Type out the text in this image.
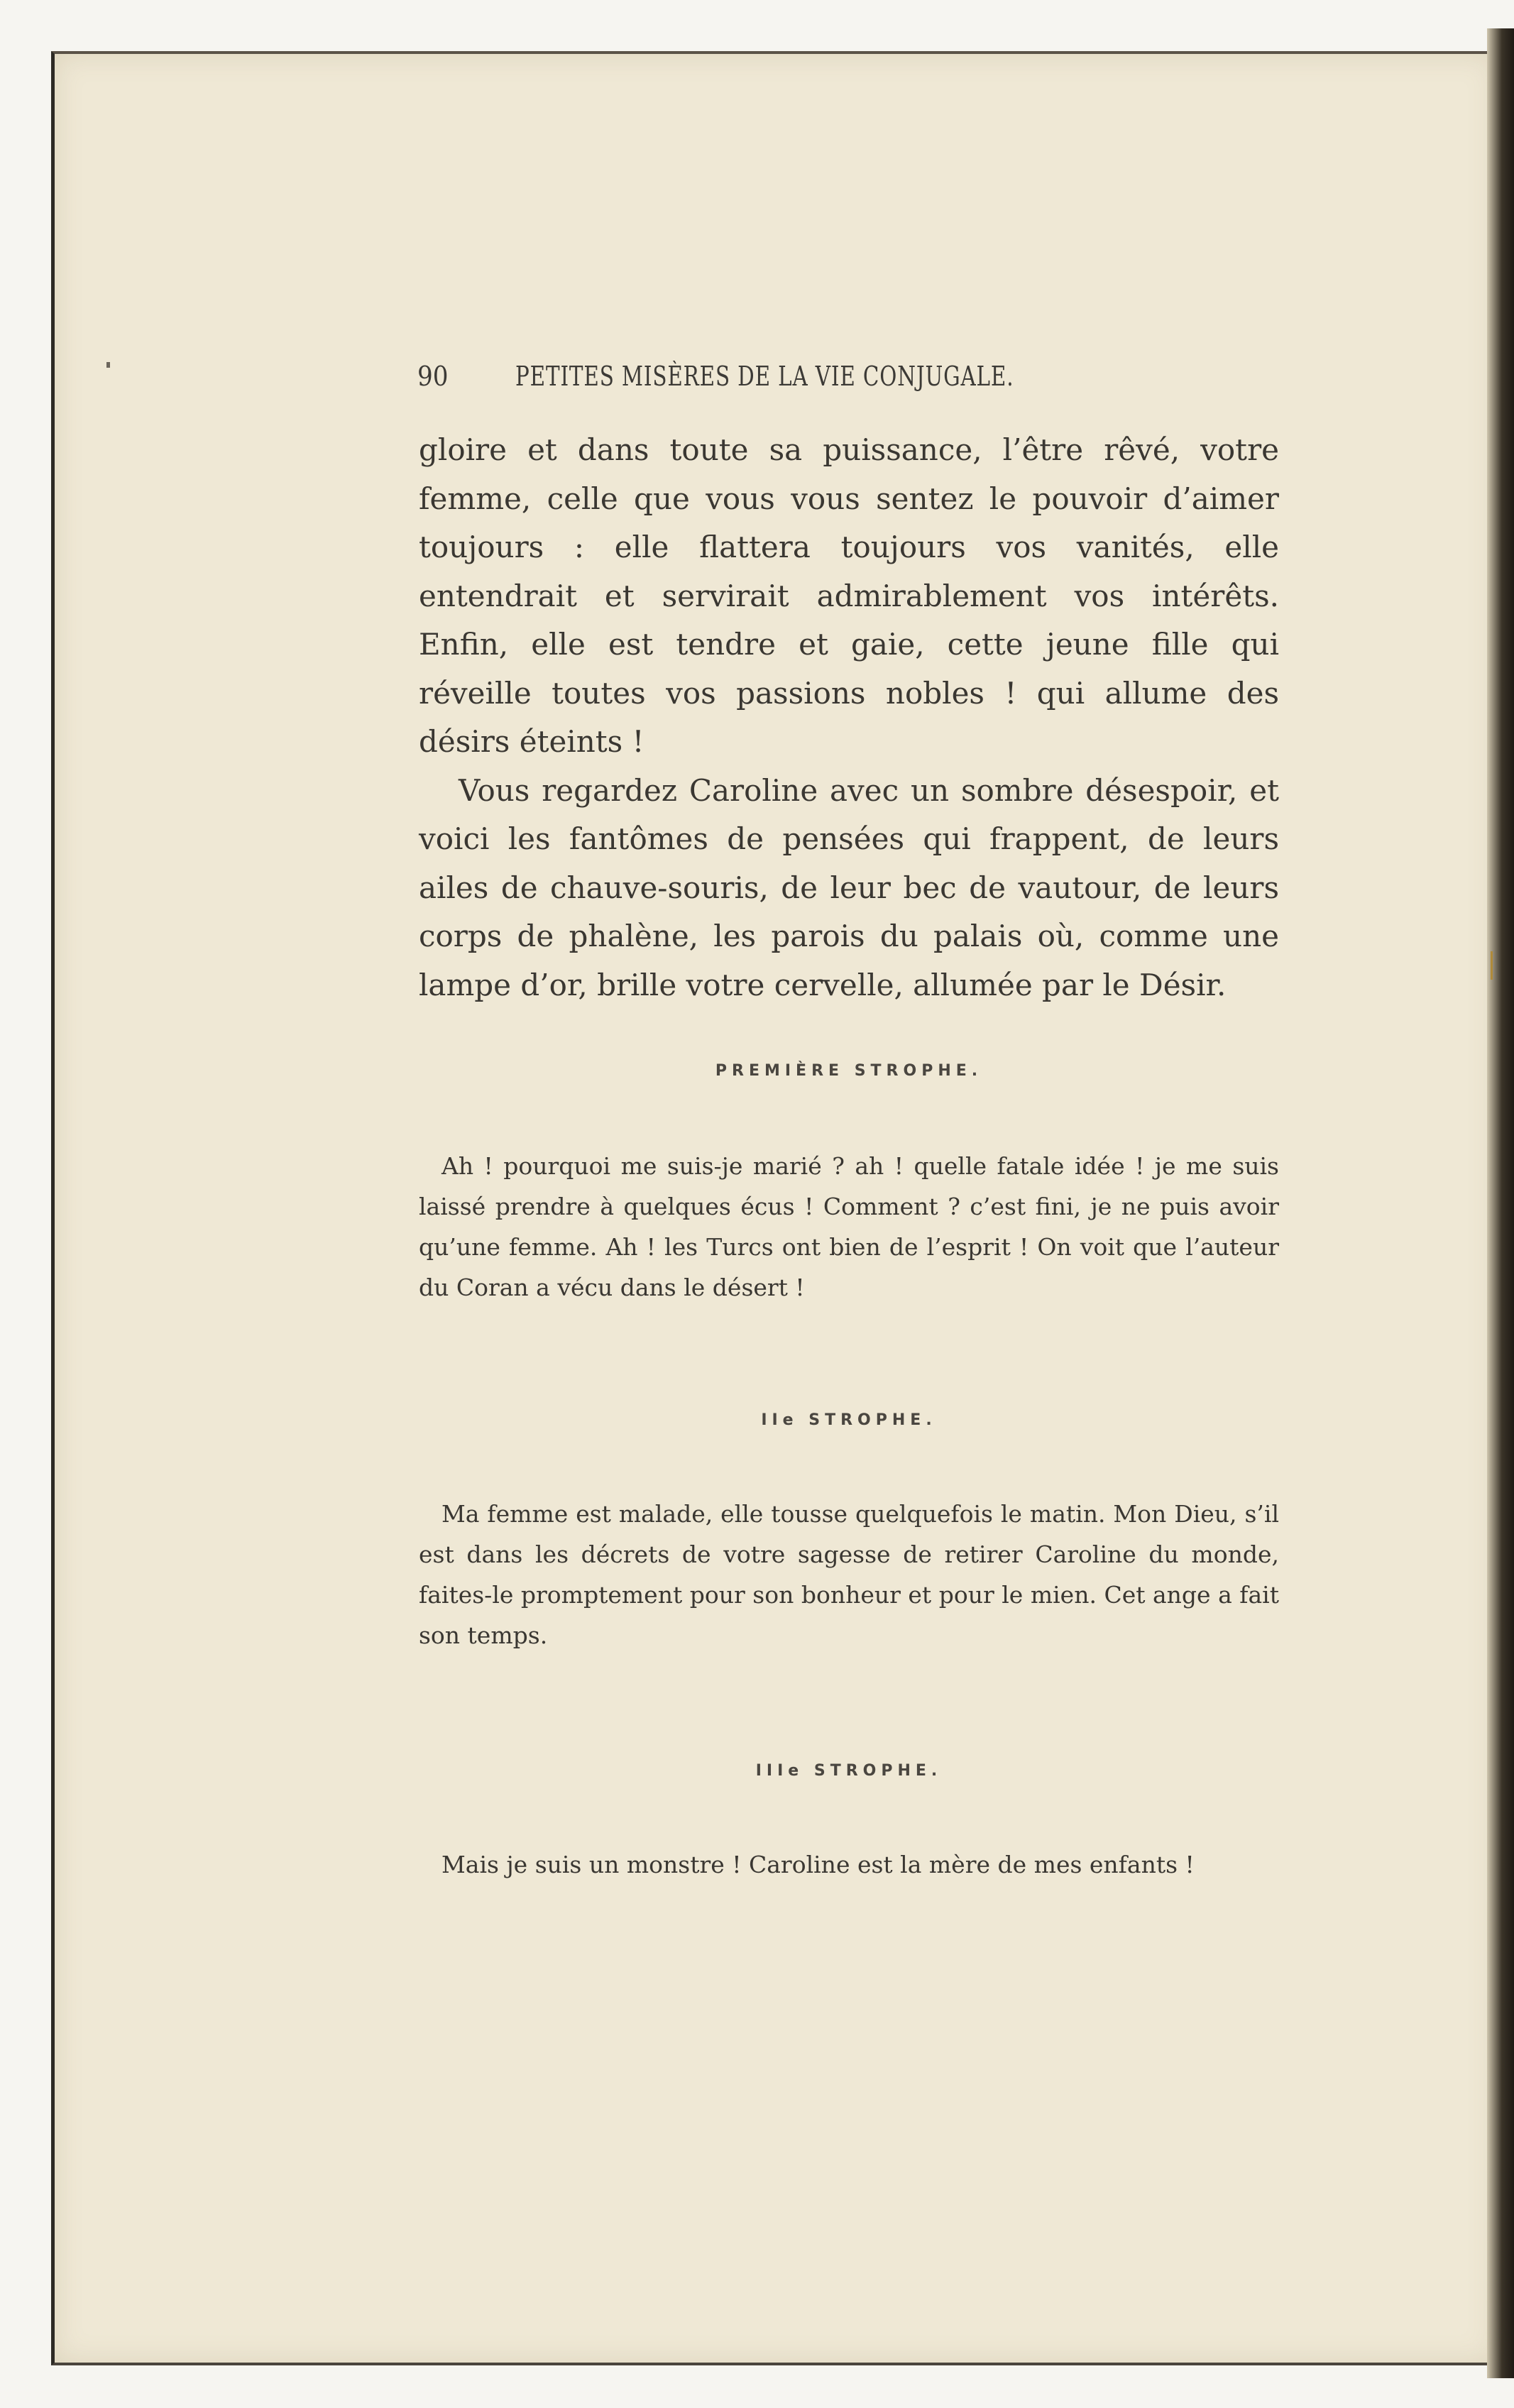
90 PETITES MISÈRES DE LA VIE CONJUGALE.

gloire et dans toute sa puissance, l’être rêvé, votre femme, celle que vous vous sentez le pouvoir d’aimer toujours : elle flattera toujours vos vanités, elle entendrait et servirait admirablement vos intérêts. Enfin, elle est tendre et gaie, cette jeune fille qui réveille toutes vos passions nobles ! qui allume des désirs éteints !

Vous regardez Caroline avec un sombre désespoir, et voici les fantômes de pensées qui frappent, de leurs ailes de chauve-souris, de leur bec de vautour, de leurs corps de phalène, les parois du palais où, comme une lampe d’or, brille votre cervelle, allumée par le Désir.

PREMIÈRE STROPHE.

Ah ! pourquoi me suis-je marié ? ah ! quelle fatale idée ! je me suis laissé prendre à quelques écus ! Comment ? c’est fini, je ne puis avoir qu’une femme. Ah ! les Turcs ont bien de l’esprit ! On voit que l’auteur du Coran a vécu dans le désert !

IIe STROPHE.

Ma femme est malade, elle tousse quelquefois le matin. Mon Dieu, s’il est dans les décrets de votre sagesse de retirer Caroline du monde, faites-le promptement pour son bonheur et pour le mien. Cet ange a fait son temps.

IIIe STROPHE.

Mais je suis un monstre ! Caroline est la mère de mes enfants !
